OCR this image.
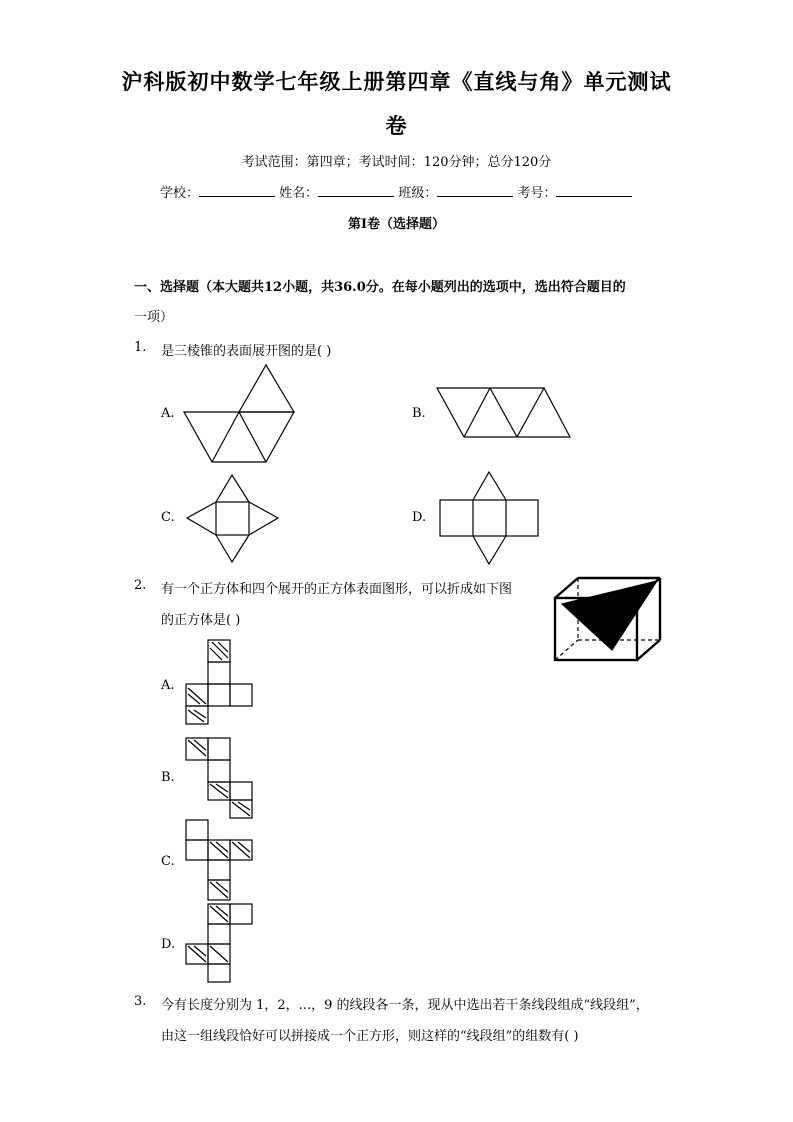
沪科版初中数学七年级上册第四章《直线与角》单元测试
卷
考试范围：第四章；考试时间：120分钟；总分120分
学校：	姓名：	班级：	考号：
第I卷（选择题）
一、选择题（本大题共12小题，共36.0分。在每小题列出的选项中，选出符合题目的
一项）
1. 是三棱锥的表面展开图的是( )
A.	B.
C.	D.
2. 有一个正方体和四个展开的正方体表面图形，可以折成如下图
的正方体是( )
A.
B.
C.
D.
3. 今有长度分别为 1，2，...，9 的线段各一条，现从中选出若干条线段组成“线段组”，
由这一组线段恰好可以拼接成一个正方形，则这样的“线段组”的组数有( )
